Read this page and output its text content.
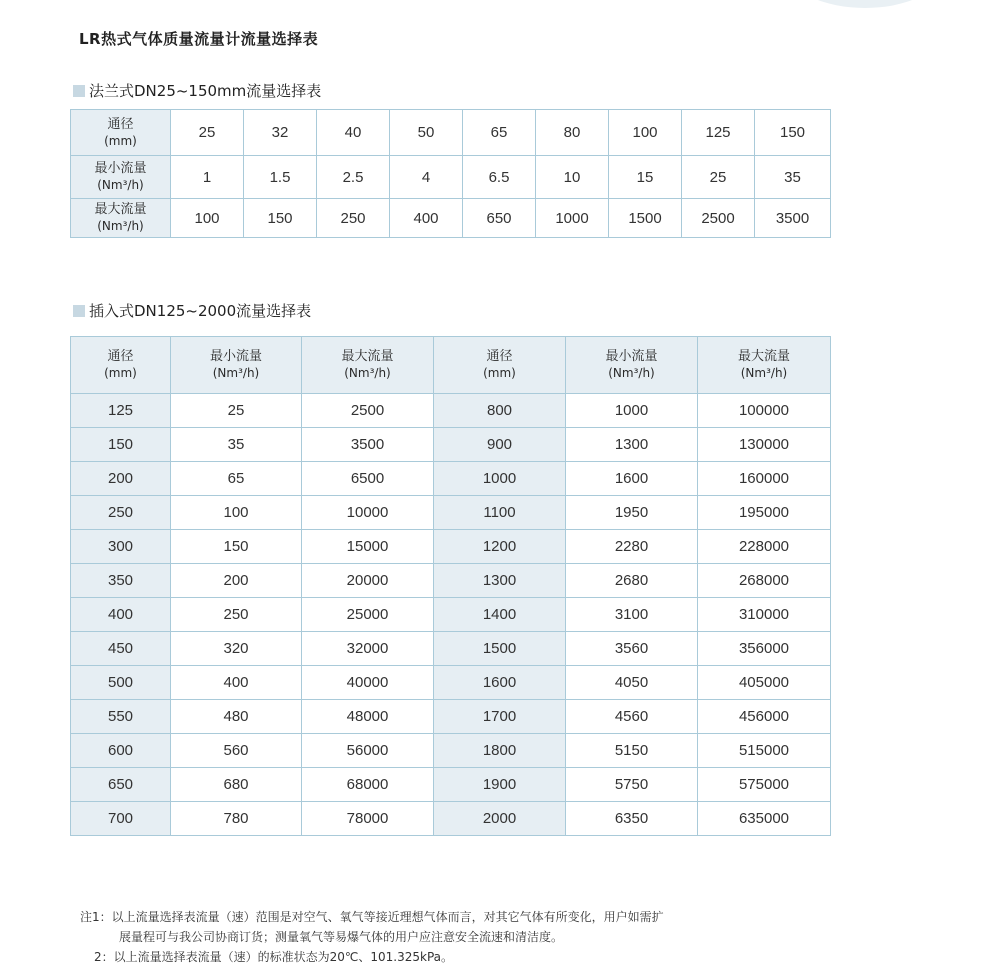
LR热式气体质量流量计流量选择表
法兰式DN25~150mm流量选择表
通径
(mm)	25	32	40	50	65	80	100	125	150

最小流量
(Nm³/h)	1	1.5	2.5	4	6.5	10	15	25	35

最大流量
(Nm³/h)	100	150	250	400	650	1000	1500	2500	3500
插入式DN125~2000流量选择表
通径
(mm)	最小流量
(Nm³/h)	最大流量
(Nm³/h)	通径
(mm)	最小流量
(Nm³/h)	最大流量
(Nm³/h)

125	25	2500	800	1000	100000
150	35	3500	900	1300	130000
200	65	6500	1000	1600	160000
250	100	10000	1100	1950	195000
300	150	15000	1200	2280	228000
350	200	20000	1300	2680	268000
400	250	25000	1400	3100	310000
450	320	32000	1500	3560	356000
500	400	40000	1600	4050	405000
550	480	48000	1700	4560	456000
600	560	56000	1800	5150	515000
650	680	68000	1900	5750	575000
700	780	78000	2000	6350	635000

注1：以上流量选择表流量（速）范围是对空气、氧气等接近理想气体而言，对其它气体有所变化，用户如需扩

展量程可与我公司协商订货；测量氧气等易爆气体的用户应注意安全流速和清洁度。

2：以上流量选择表流量（速）的标准状态为20℃、101.325kPa。
